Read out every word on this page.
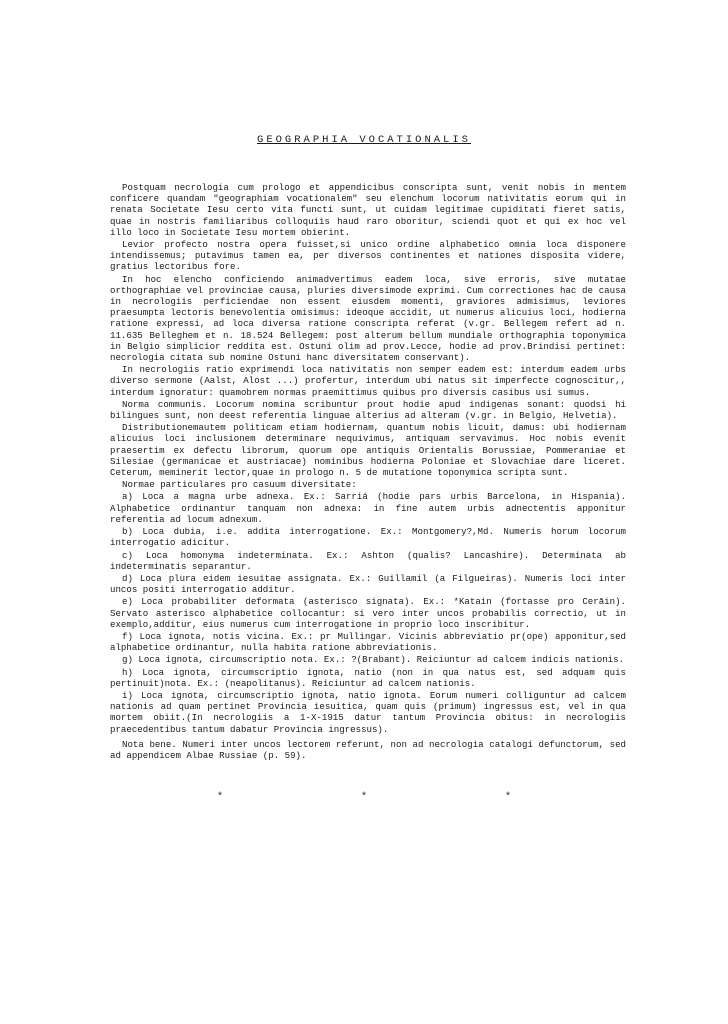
GEOGRAPHIA VOCATIONALIS

Postquam necrologia cum prologo et appendicibus conscripta sunt, venit nobis in mentem conficere quandam "geographiam vocationalem" seu elenchum locorum nativitatis eorum qui in renata Societate Iesu certo vita functi sunt, ut cuidam legitimae cupiditati fieret satis, quae in nostris familiaribus colloquiis haud raro oboritur, sciendi quot et qui ex hoc vel illo loco in Societate Iesu mortem obierint.

Levior profecto nostra opera fuisset,si unico ordine alphabetico omnia loca disponere intendissemus; putavimus tamen ea, per diversos continentes et nationes disposita videre, gratius lectoribus fore.

In hoc elencho conficiendo animadvertimus eadem loca, sive erroris, sive mutatae orthographiae vel provinciae causa, pluries diversimode exprimi. Cum correctiones hac de causa in necrologiis perficiendae non essent eiusdem momenti, graviores admisimus, leviores praesumpta lectoris benevolentia omisimus: ideoque accidit, ut numerus alicuius loci, hodierna ratione expressi, ad loca diversa ratione conscripta referat (v.gr. Bellegem refert ad n. 11.635 Belleghem et n. 18.524 Bellegem: post alterum bellum mundiale orthographia toponymica in Belgio simplicior reddita est. Ostuni olim ad prov.Lecce, hodie ad prov.Brindisi pertinet: necrologia citata sub nomine Ostuni hanc diversitatem conservant).

In necrologiis ratio exprimendi loca nativitatis non semper eadem est: interdum eadem urbs diverso sermone (Aalst, Alost ...) profertur, interdum ubi natus sit imperfecte cognoscitur,, interdum ignoratur: quamobrem normas praemittimus quibus pro diversis casibus usi sumus.

Norma communis. Locorum nomina scribuntur prout hodie apud indigenas sonant: quodsi hi bilingues sunt, non deest referentia linguae alterius ad alteram (v.gr. in Belgio, Helvetia).

Distributionemautem politicam etiam hodiernam, quantum nobis licuit, damus: ubi hodiernam alicuius loci inclusionem determinare nequivimus, antiquam servavimus. Hoc nobis evenit praesertim ex defectu librorum, quorum ope antiquis Orientalis Borussiae, Pommeraniae et Silesiae (germanicae et austriacae) nominibus hodierna Poloniae et Slovachiae dare liceret. Ceterum, meminerit lector,quae in prologo n. 5 de mutatione toponymica scripta sunt.

Normae particulares pro casuum diversitate:

a) Loca a magna urbe adnexa. Ex.: Sarriá (hodie pars urbis Barcelona, in Hispania). Alphabetice ordinantur tanquam non adnexa: in fine autem urbis adnectentis apponitur referentia ad locum adnexum.

b) Loca dubia, i.e. addita interrogatione. Ex.: Montgomery?,Md. Numeris horum locorum interrogatio adicitur.

c) Loca homonyma indeterminata. Ex.: Ashton (qualis? Lancashire). Determinata ab indeterminatis separantur.

d) Loca plura eidem iesuitae assignata. Ex.: Guillamil (a Filgueiras). Numeris loci inter uncos positi interrogatio additur.

e) Loca probabiliter deformata (asterisco signata). Ex.: *Katain (fortasse pro Cerāin). Servato asterisco alphabetice collocantur: si vero inter uncos probabilis correctio, ut in exemplo,additur, eius numerus cum interrogatione in proprio loco inscribitur.

f) Loca ignota, notis vicina. Ex.: pr Mullingar. Vicinis abbreviatio pr(ope) apponitur,sed alphabetice ordinantur, nulla habita ratione abbreviationis.

g) Loca ignota, circumscriptio nota. Ex.: ?(Brabant). Reiciuntur ad calcem indicis nationis.

h) Loca ignota, circumscriptio ignota, natio (non in qua natus est, sed adquam quis pertinuit)nota. Ex.: (neapolitanus). Reiciuntur ad calcem nationis.

i) Loca ignota, circumscriptio ignota, natio ignota. Eorum numeri colliguntur ad calcem nationis ad quam pertinet Provincia iesuitica, quam quis (primum) ingressus est, vel in qua mortem obiit.(In necrologiis a 1-X-1915 datur tantum Provincia obitus: in necrologiis praecedentibus tantum dabatur Provincia ingressus).

Nota bene. Numeri inter uncos lectorem referunt, non ad necrologia catalogi defunctorum, sed ad appendicem Albae Russiae (p. 59).

* * *
